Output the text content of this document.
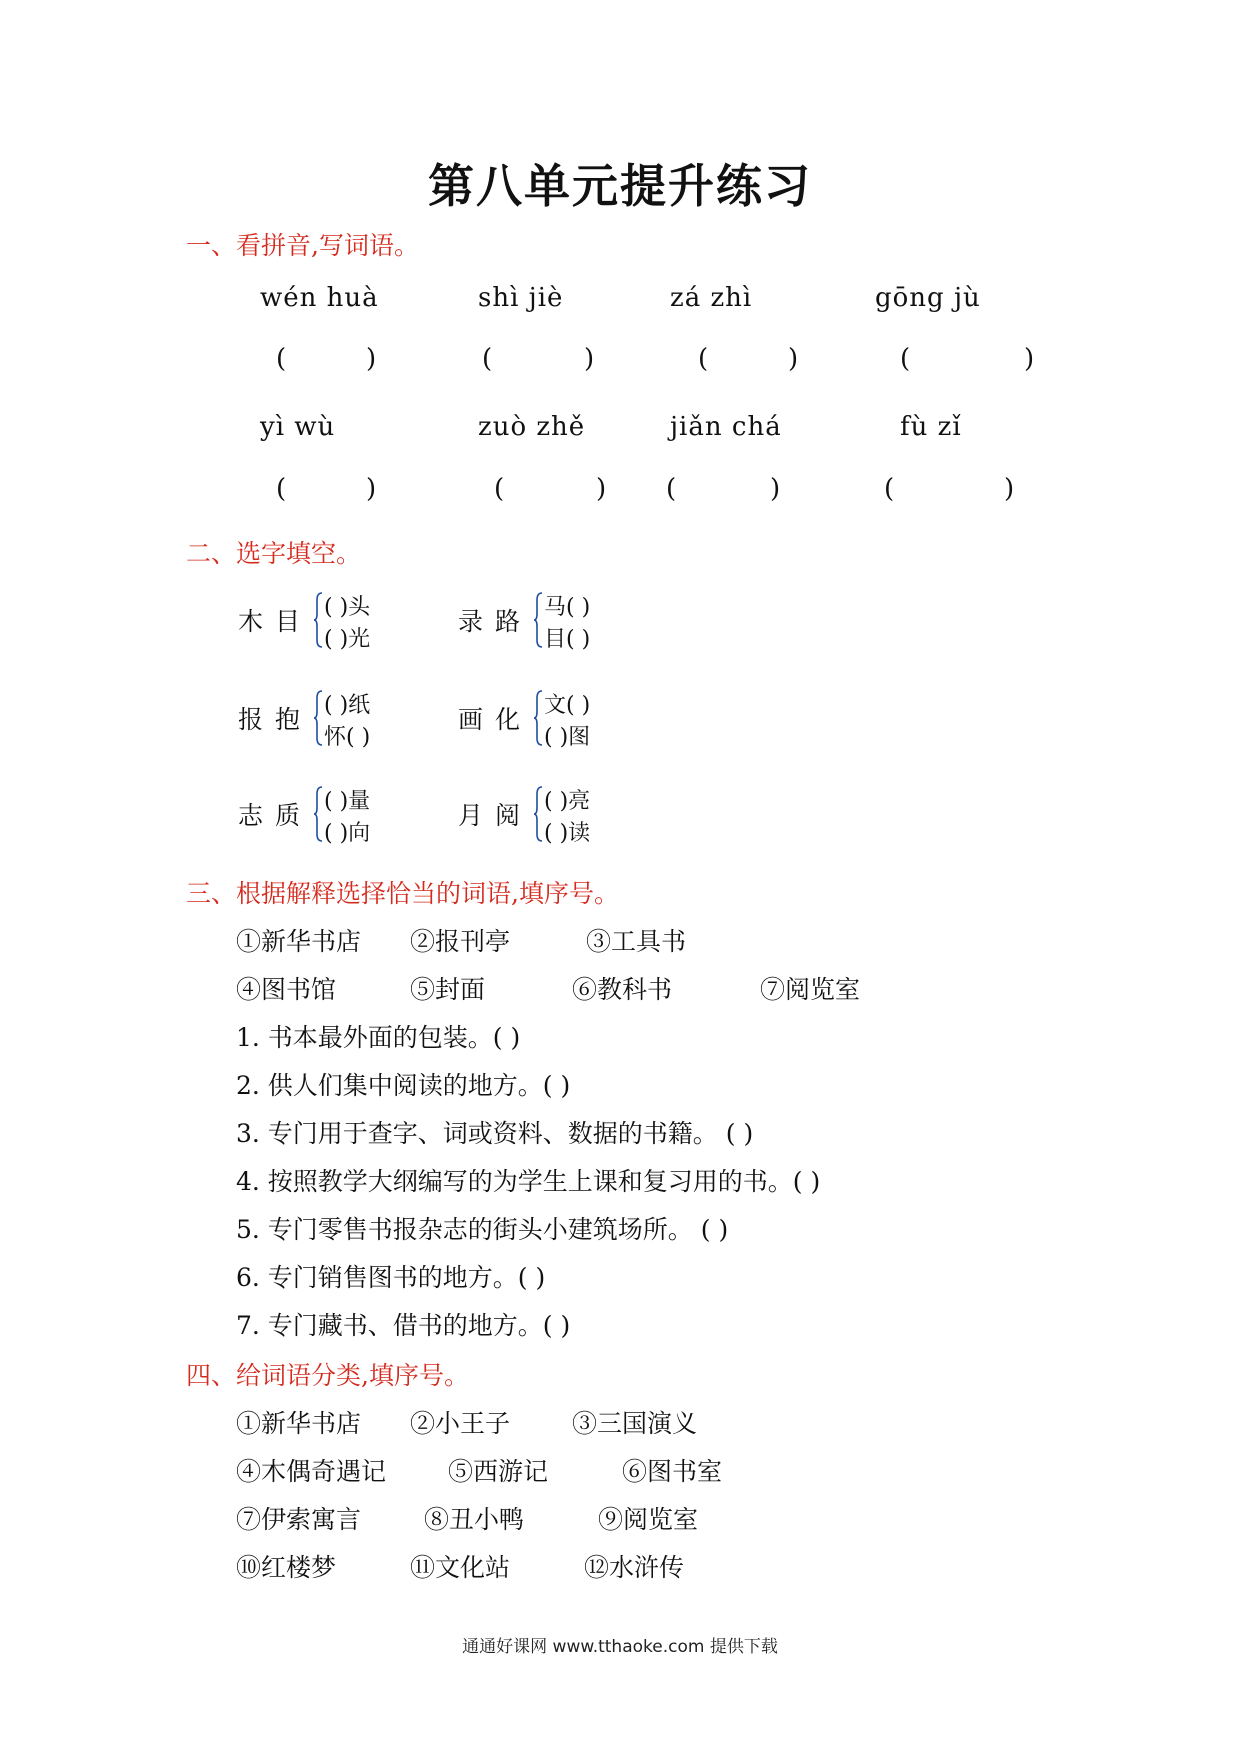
第八单元提升练习
一、看拼音,写词语。
wén huà	shì jiè	zá zhì	gōng jù
(	)	(	)	(	)	(	)
yì wù	zuò zhě	jiǎn chá	fù zǐ
(	)	(	) (	)	(	)
二、选字填空。
木 目 ( )头
( )光
录 路 马( )
目( )
报 抱 ( )纸
怀( )
画 化 文( )
( )图
志 质 ( )量
( )向
月 阅 ( )亮
( )读
三、根据解释选择恰当的词语,填序号。
①新华书店 ②报刊亭	③工具书
④图书馆	⑤封面	⑥教科书	⑦阅览室
1. 书本最外面的包装。( )
2. 供人们集中阅读的地方。( )
3. 专门用于查字、词或资料、数据的书籍。 ( )
4. 按照教学大纲编写的为学生上课和复习用的书。( )
5. 专门零售书报杂志的街头小建筑场所。 ( )
6. 专门销售图书的地方。( )
7. 专门藏书、借书的地方。( )
四、给词语分类,填序号。
①新华书店 ②小王子 ③三国演义
④木偶奇遇记 ⑤西游记	⑥图书室
⑦伊索寓言	⑧丑小鸭	⑨阅览室
⑩红楼梦	⑪文化站	⑫水浒传
通通好课网 www.tthaoke.com 提供下载
